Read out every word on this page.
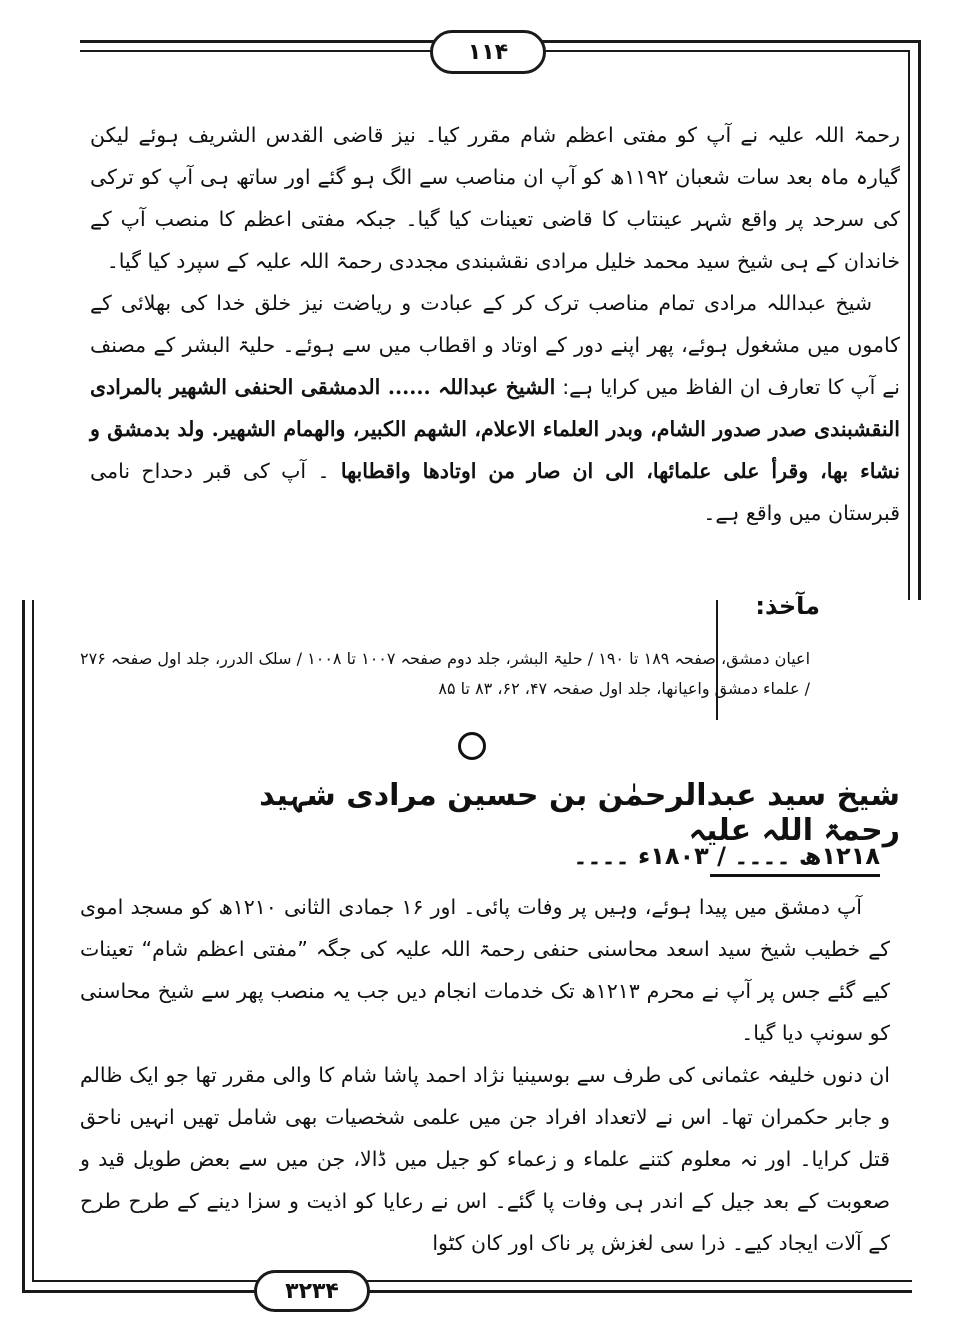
۱۱۴
۳۲۳۴

رحمۃ اللہ علیہ نے آپ کو مفتی اعظم شام مقرر کیا۔ نیز قاضی القدس الشریف ہوئے لیکن گیارہ ماہ بعد سات شعبان ۱۱۹۲ھ کو آپ ان مناصب سے الگ ہو گئے اور ساتھ ہی آپ کو ترکی کی سرحد پر واقع شہر عینتاب کا قاضی تعینات کیا گیا۔ جبکہ مفتی اعظم کا منصب آپ کے خاندان کے ہی شیخ سید محمد خلیل مرادی نقشبندی مجددی رحمۃ اللہ علیہ کے سپرد کیا گیا۔

شیخ عبداللہ مرادی تمام مناصب ترک کر کے عبادت و ریاضت نیز خلق خدا کی بھلائی کے کاموں میں مشغول ہوئے، پھر اپنے دور کے اوتاد و اقطاب میں سے ہوئے۔ حلیۃ البشر کے مصنف نے آپ کا تعارف ان الفاظ میں کرایا ہے: الشیخ عبداللہ ...... الدمشقی الحنفی الشھیر بالمرادی النقشبندی صدر صدور الشام، وبدر العلماء الاعلام، الشھم الکبیر، والھمام الشھیر. ولد بدمشق و نشاء بھا، وقرأ علی علمائھا، الی ان صار من اوتادھا واقطابھا ۔ آپ کی قبر دحداح نامی قبرستان میں واقع ہے۔

مآخذ:
اعیان دمشق، صفحہ ۱۸۹ تا ۱۹۰ / حلیۃ البشر، جلد دوم صفحہ ۱۰۰۷ تا ۱۰۰۸ / سلک الدرر، جلد اول صفحہ ۲۷۶ / علماء دمشق واعیانھا، جلد اول صفحہ ۴۷، ۶۲، ۸۳ تا ۸۵
شیخ سید عبدالرحمٰن بن حسین مرادی شہید رحمۃ اللہ علیہ
۱۲۱۸ھ ۔۔۔۔ / ۱۸۰۳ء ۔۔۔۔

آپ دمشق میں پیدا ہوئے، وہیں پر وفات پائی۔ اور ۱۶ جمادی الثانی ۱۲۱۰ھ کو مسجد اموی کے خطیب شیخ سید اسعد محاسنی حنفی رحمۃ اللہ علیہ کی جگہ ”مفتی اعظم شام“ تعینات کیے گئے جس پر آپ نے محرم ۱۲۱۳ھ تک خدمات انجام دیں جب یہ منصب پھر سے شیخ محاسنی کو سونپ دیا گیا۔

ان دنوں خلیفہ عثمانی کی طرف سے بوسینیا نژاد احمد پاشا شام کا والی مقرر تھا جو ایک ظالم و جابر حکمران تھا۔ اس نے لاتعداد افراد جن میں علمی شخصیات بھی شامل تھیں انہیں ناحق قتل کرایا۔ اور نہ معلوم کتنے علماء و زعماء کو جیل میں ڈالا، جن میں سے بعض طویل قید و صعوبت کے بعد جیل کے اندر ہی وفات پا گئے۔ اس نے رعایا کو اذیت و سزا دینے کے طرح طرح کے آلات ایجاد کیے۔ ذرا سی لغزش پر ناک اور کان کٹوا
